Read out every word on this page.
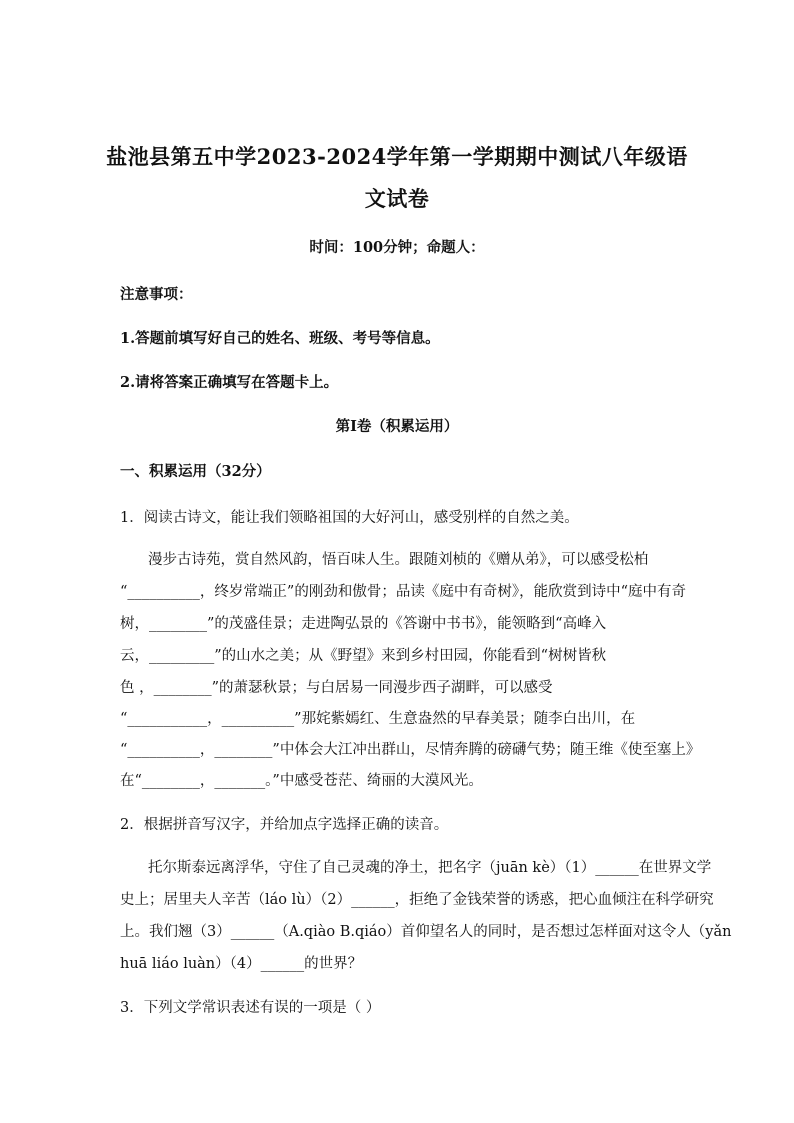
盐池县第五中学2023-2024学年第一学期期中测试八年级语
文试卷
时间：100分钟；命题人：
注意事项：
1.答题前填写好自己的姓名、班级、考号等信息。
2.请将答案正确填写在答题卡上。
第I卷（积累运用）
一、积累运用（32分）
1．阅读古诗文，能让我们领略祖国的大好河山，感受别样的自然之美。
漫步古诗苑，赏自然风韵，悟百味人生。跟随刘桢的《赠从弟》，可以感受松柏
“__________，终岁常端正”的刚劲和傲骨；品读《庭中有奇树》，能欣赏到诗中“庭中有奇
树，________”的茂盛佳景；走进陶弘景的《答谢中书书》，能领略到“高峰入
云，_________”的山水之美；从《野望》来到乡村田园，你能看到“树树皆秋
色 ，________”的萧瑟秋景；与白居易一同漫步西子湖畔，可以感受
“___________，__________”那姹紫嫣红、生意盎然的早春美景；随李白出川，在
“__________，________”中体会大江冲出群山，尽情奔腾的磅礴气势；随王维《使至塞上》
在“________，_______。”中感受苍茫、绮丽的大漠风光。
2．根据拼音写汉字，并给加点字选择正确的读音。
托尔斯泰远离浮华，守住了自己灵魂的净土，把名字（juān kè）（1）______在世界文学
史上；居里夫人辛苦（láo lù）（2）______，拒绝了金钱荣誉的诱惑，把心血倾注在科学研究
上。我们翘（3）______（A.qiào B.qiáo）首仰望名人的同时，是否想过怎样面对这令人（yǎn
huā liáo luàn）（4）______的世界？
3．下列文学常识表述有误的一项是（ ）
